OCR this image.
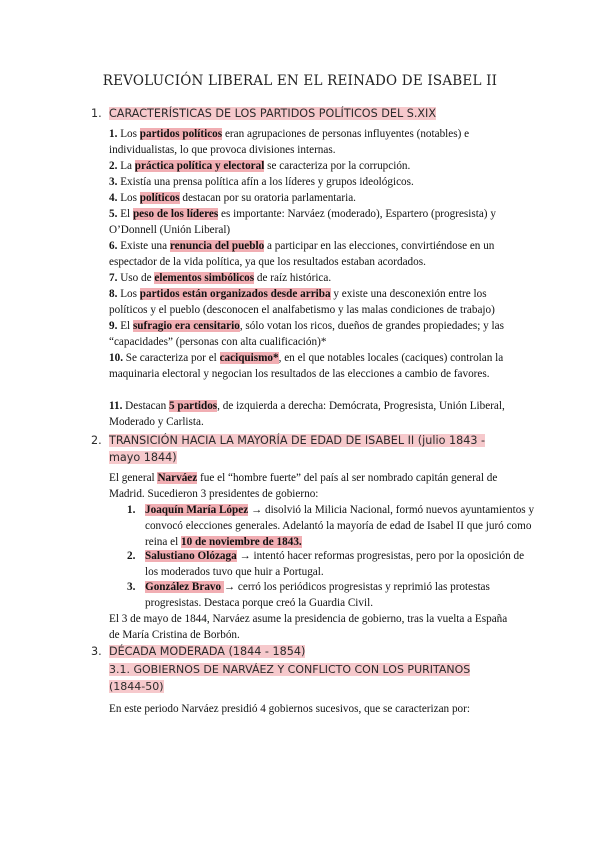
REVOLUCIÓN LIBERAL EN EL REINADO DE ISABEL II
1. CARACTERÍSTICAS DE LOS PARTIDOS POLÍTICOS DEL S.XIX

1. Los partidos políticos eran agrupaciones de personas influyentes (notables) e individualistas, lo que provoca divisiones internas.

2. La práctica política y electoral se caracteriza por la corrupción.

3. Existía una prensa política afín a los líderes y grupos ideológicos.

4. Los políticos destacan por su oratoria parlamentaria.

5. El peso de los líderes es importante: Narváez (moderado), Espartero (progresista) y O’Donnell (Unión Liberal)

6. Existe una renuncia del pueblo a participar en las elecciones, convirtiéndose en un espectador de la vida política, ya que los resultados estaban acordados.

7. Uso de elementos simbólicos de raíz histórica.

8. Los partidos están organizados desde arriba y existe una desconexión entre los políticos y el pueblo (desconocen el analfabetismo y las malas condiciones de trabajo)

9. El sufragio era censitario, sólo votan los ricos, dueños de grandes propiedades; y las “capacidades” (personas con alta cualificación)*

10. Se caracteriza por el caciquismo*, en el que notables locales (caciques) controlan la maquinaria electoral y negocian los resultados de las elecciones a cambio de favores.

11. Destacan 5 partidos, de izquierda a derecha: Demócrata, Progresista, Unión Liberal, Moderado y Carlista.

2. TRANSICIÓN HACIA LA MAYORÍA DE EDAD DE ISABEL II (julio 1843 -
mayo 1844)

El general Narváez fue el “hombre fuerte” del país al ser nombrado capitán general de Madrid. Sucedieron 3 presidentes de gobierno:

1. Joaquín María López → disolvió la Milicia Nacional, formó nuevos ayuntamientos y convocó elecciones generales. Adelantó la mayoría de edad de Isabel II que juró como reina el 10 de noviembre de 1843.

2. Salustiano Olózaga → intentó hacer reformas progresistas, pero por la oposición de los moderados tuvo que huir a Portugal.

3. González Bravo → cerró los periódicos progresistas y reprimió las protestas progresistas. Destaca porque creó la Guardia Civil.

El 3 de mayo de 1844, Narváez asume la presidencia de gobierno, tras la vuelta a España de María Cristina de Borbón.

3. DÉCADA MODERADA (1844 - 1854)
3.1. GOBIERNOS DE NARVÁEZ Y CONFLICTO CON LOS PURITANOS
(1844-50)

En este periodo Narváez presidió 4 gobiernos sucesivos, que se caracterizan por:
